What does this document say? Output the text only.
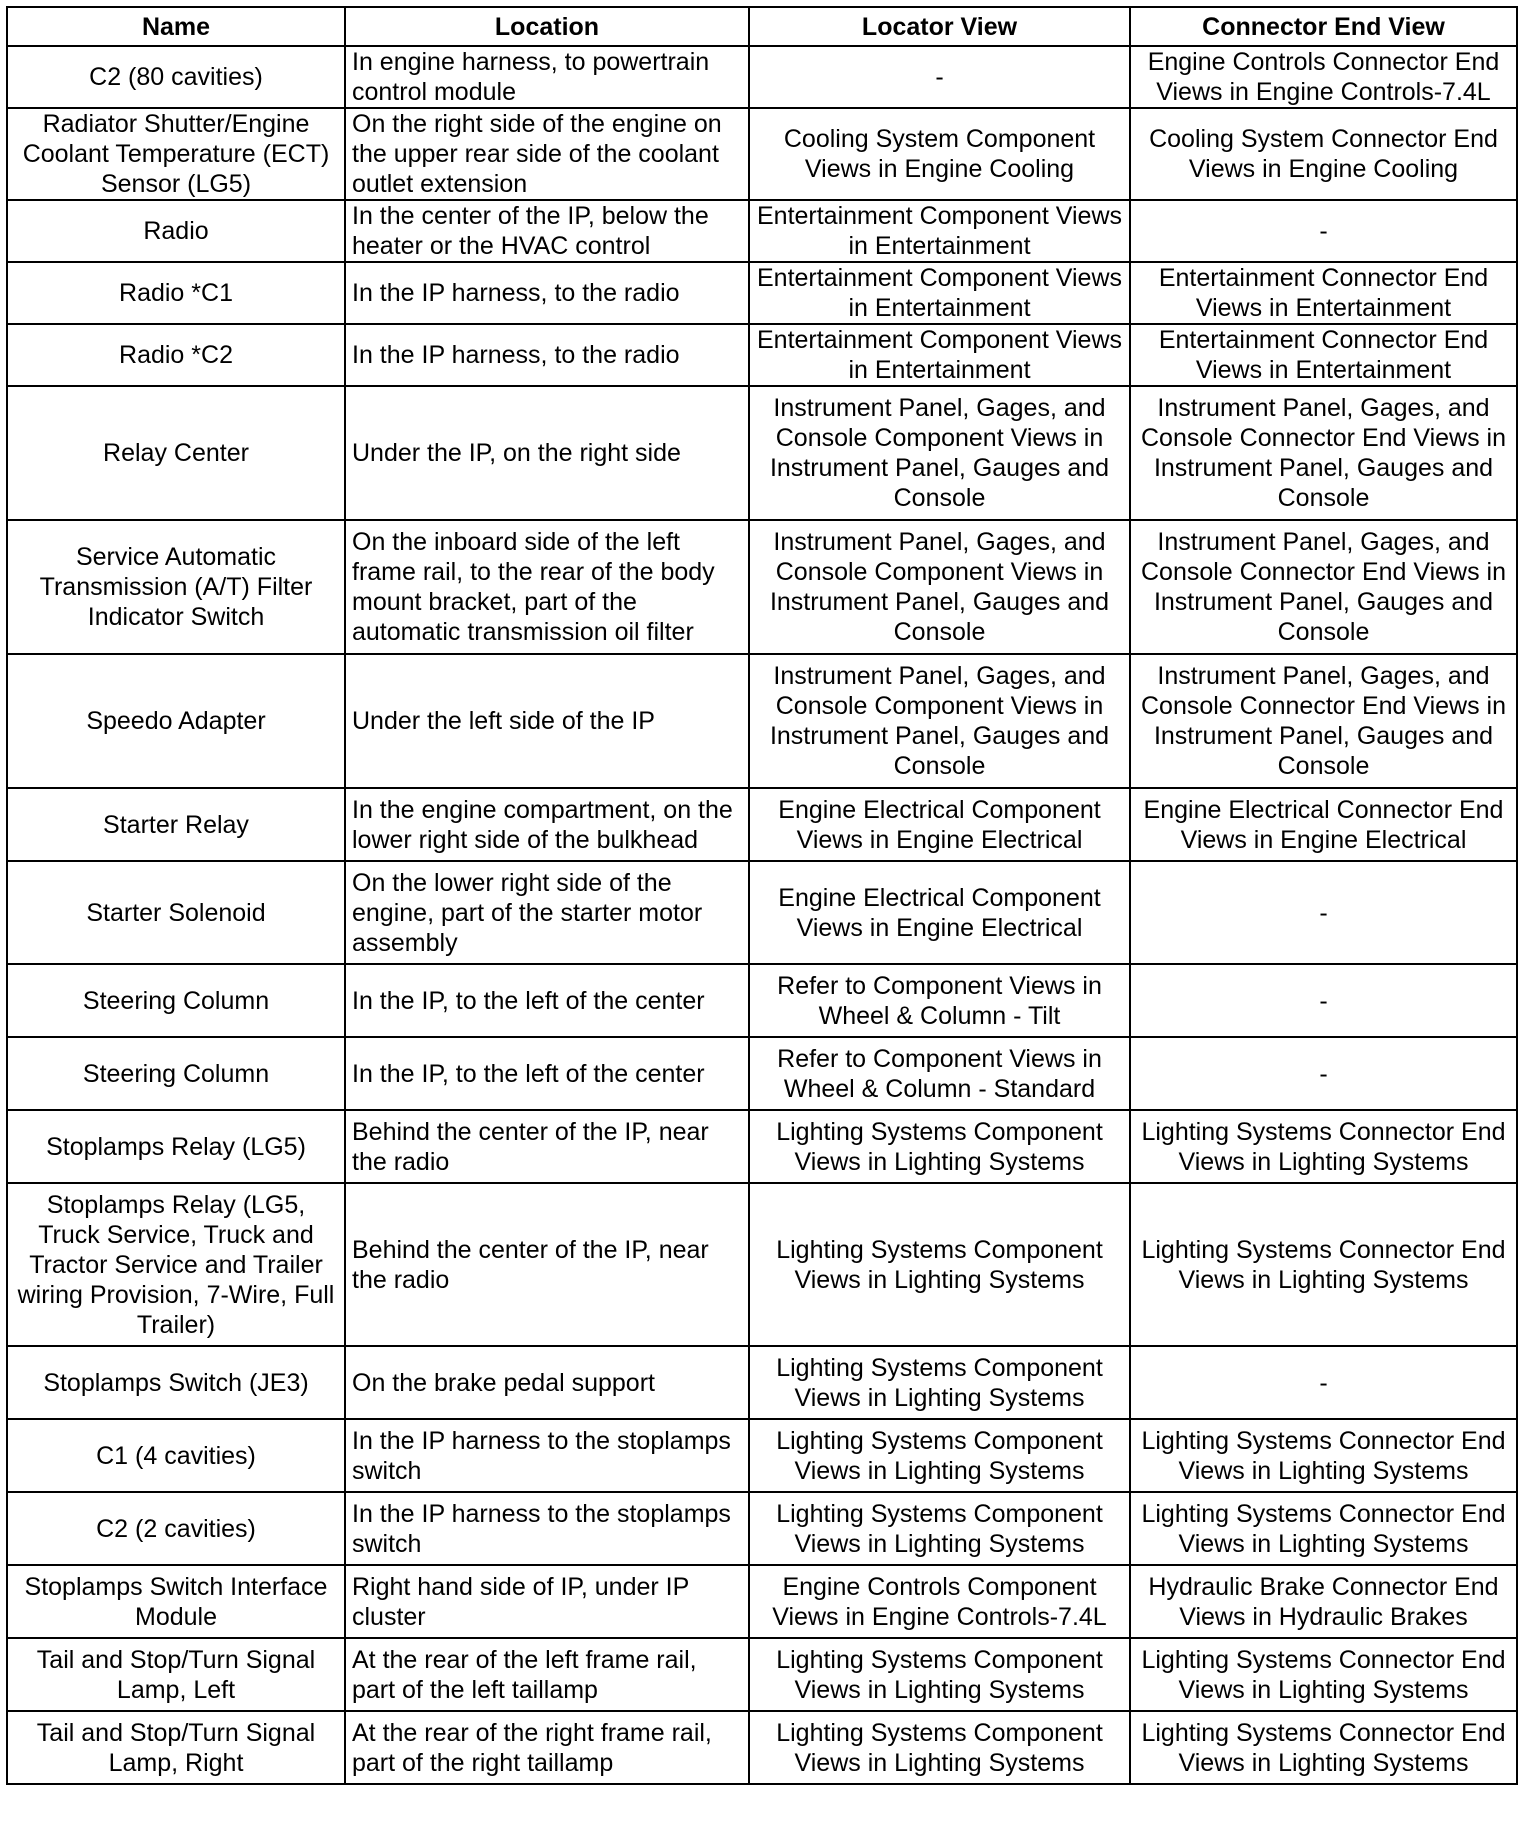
Name	Location	Locator View	Connector End View
C2 (80 cavities)	In engine harness, to powertrain control module	-	Engine Controls Connector End Views in Engine Controls-7.4L
Radiator Shutter/Engine Coolant Temperature (ECT) Sensor (LG5)	On the right side of the engine on the upper rear side of the coolant outlet extension	Cooling System Component Views in Engine Cooling	Cooling System Connector End Views in Engine Cooling
Radio	In the center of the IP, below the heater or the HVAC control	Entertainment Component Views in Entertainment	-
Radio *C1	In the IP harness, to the radio	Entertainment Component Views in Entertainment	Entertainment Connector End Views in Entertainment
Radio *C2	In the IP harness, to the radio	Entertainment Component Views in Entertainment	Entertainment Connector End Views in Entertainment
Relay Center	Under the IP, on the right side	Instrument Panel, Gages, and Console Component Views in Instrument Panel, Gauges and Console	Instrument Panel, Gages, and Console Connector End Views in Instrument Panel, Gauges and Console
Service Automatic Transmission (A/T) Filter Indicator Switch	On the inboard side of the left frame rail, to the rear of the body mount bracket, part of the automatic transmission oil filter	Instrument Panel, Gages, and Console Component Views in Instrument Panel, Gauges and Console	Instrument Panel, Gages, and Console Connector End Views in Instrument Panel, Gauges and Console
Speedo Adapter	Under the left side of the IP	Instrument Panel, Gages, and Console Component Views in Instrument Panel, Gauges and Console	Instrument Panel, Gages, and Console Connector End Views in Instrument Panel, Gauges and Console
Starter Relay	In the engine compartment, on the lower right side of the bulkhead	Engine Electrical Component Views in Engine Electrical	Engine Electrical Connector End Views in Engine Electrical
Starter Solenoid	On the lower right side of the engine, part of the starter motor assembly	Engine Electrical Component Views in Engine Electrical	-
Steering Column	In the IP, to the left of the center	Refer to Component Views in Wheel & Column - Tilt	-
Steering Column	In the IP, to the left of the center	Refer to Component Views in Wheel & Column - Standard	-
Stoplamps Relay (LG5)	Behind the center of the IP, near the radio	Lighting Systems Component Views in Lighting Systems	Lighting Systems Connector End Views in Lighting Systems
Stoplamps Relay (LG5, Truck Service, Truck and Tractor Service and Trailer wiring Provision, 7-Wire, Full Trailer)	Behind the center of the IP, near the radio	Lighting Systems Component Views in Lighting Systems	Lighting Systems Connector End Views in Lighting Systems
Stoplamps Switch (JE3)	On the brake pedal support	Lighting Systems Component Views in Lighting Systems	-
C1 (4 cavities)	In the IP harness to the stoplamps switch	Lighting Systems Component Views in Lighting Systems	Lighting Systems Connector End Views in Lighting Systems
C2 (2 cavities)	In the IP harness to the stoplamps switch	Lighting Systems Component Views in Lighting Systems	Lighting Systems Connector End Views in Lighting Systems
Stoplamps Switch Interface Module	Right hand side of IP, under IP cluster	Engine Controls Component Views in Engine Controls-7.4L	Hydraulic Brake Connector End Views in Hydraulic Brakes
Tail and Stop/Turn Signal Lamp, Left	At the rear of the left frame rail, part of the left taillamp	Lighting Systems Component Views in Lighting Systems	Lighting Systems Connector End Views in Lighting Systems
Tail and Stop/Turn Signal Lamp, Right	At the rear of the right frame rail, part of the right taillamp	Lighting Systems Component Views in Lighting Systems	Lighting Systems Connector End Views in Lighting Systems
